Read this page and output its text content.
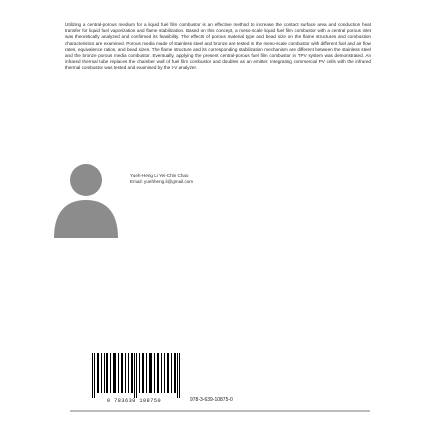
Utilizing a central-porous medium for a liquid fuel film combustor is an effective method to increase the contact surface area and conduction heat transfer for liquid fuel vaporization and flame stabilization. Based on this concept, a meso-scale liquid fuel film combustor with a central porous inlet was theoretically analyzed and confirmed its feasibility. The effects of porous material type and bead size on the flame structures and combustion characteristics are examined. Porous media made of stainless steel and bronze are tested in the meso-scale combustor with different fuel and air flow rates, equivalence ratios, and bead sizes. The flame structure and its corresponding stabilization mechanism are different between the stainless steel and the bronze porous media combustor. Eventually, applying the present central-porous fuel film combustor in TPV system was demonstrated. An infrared thermal tube replaces the chamber wall of fuel film combustor and doubles as an emitter. Integrating commercial PV cells with the infrared thermal combustor was tested and examined by the I-V analyzer.

Yueh-Heng Li Yei-Chin Chao
Email: yuehheng.li@gmail.com
9 783639 108750	978-3-639-10875-0
